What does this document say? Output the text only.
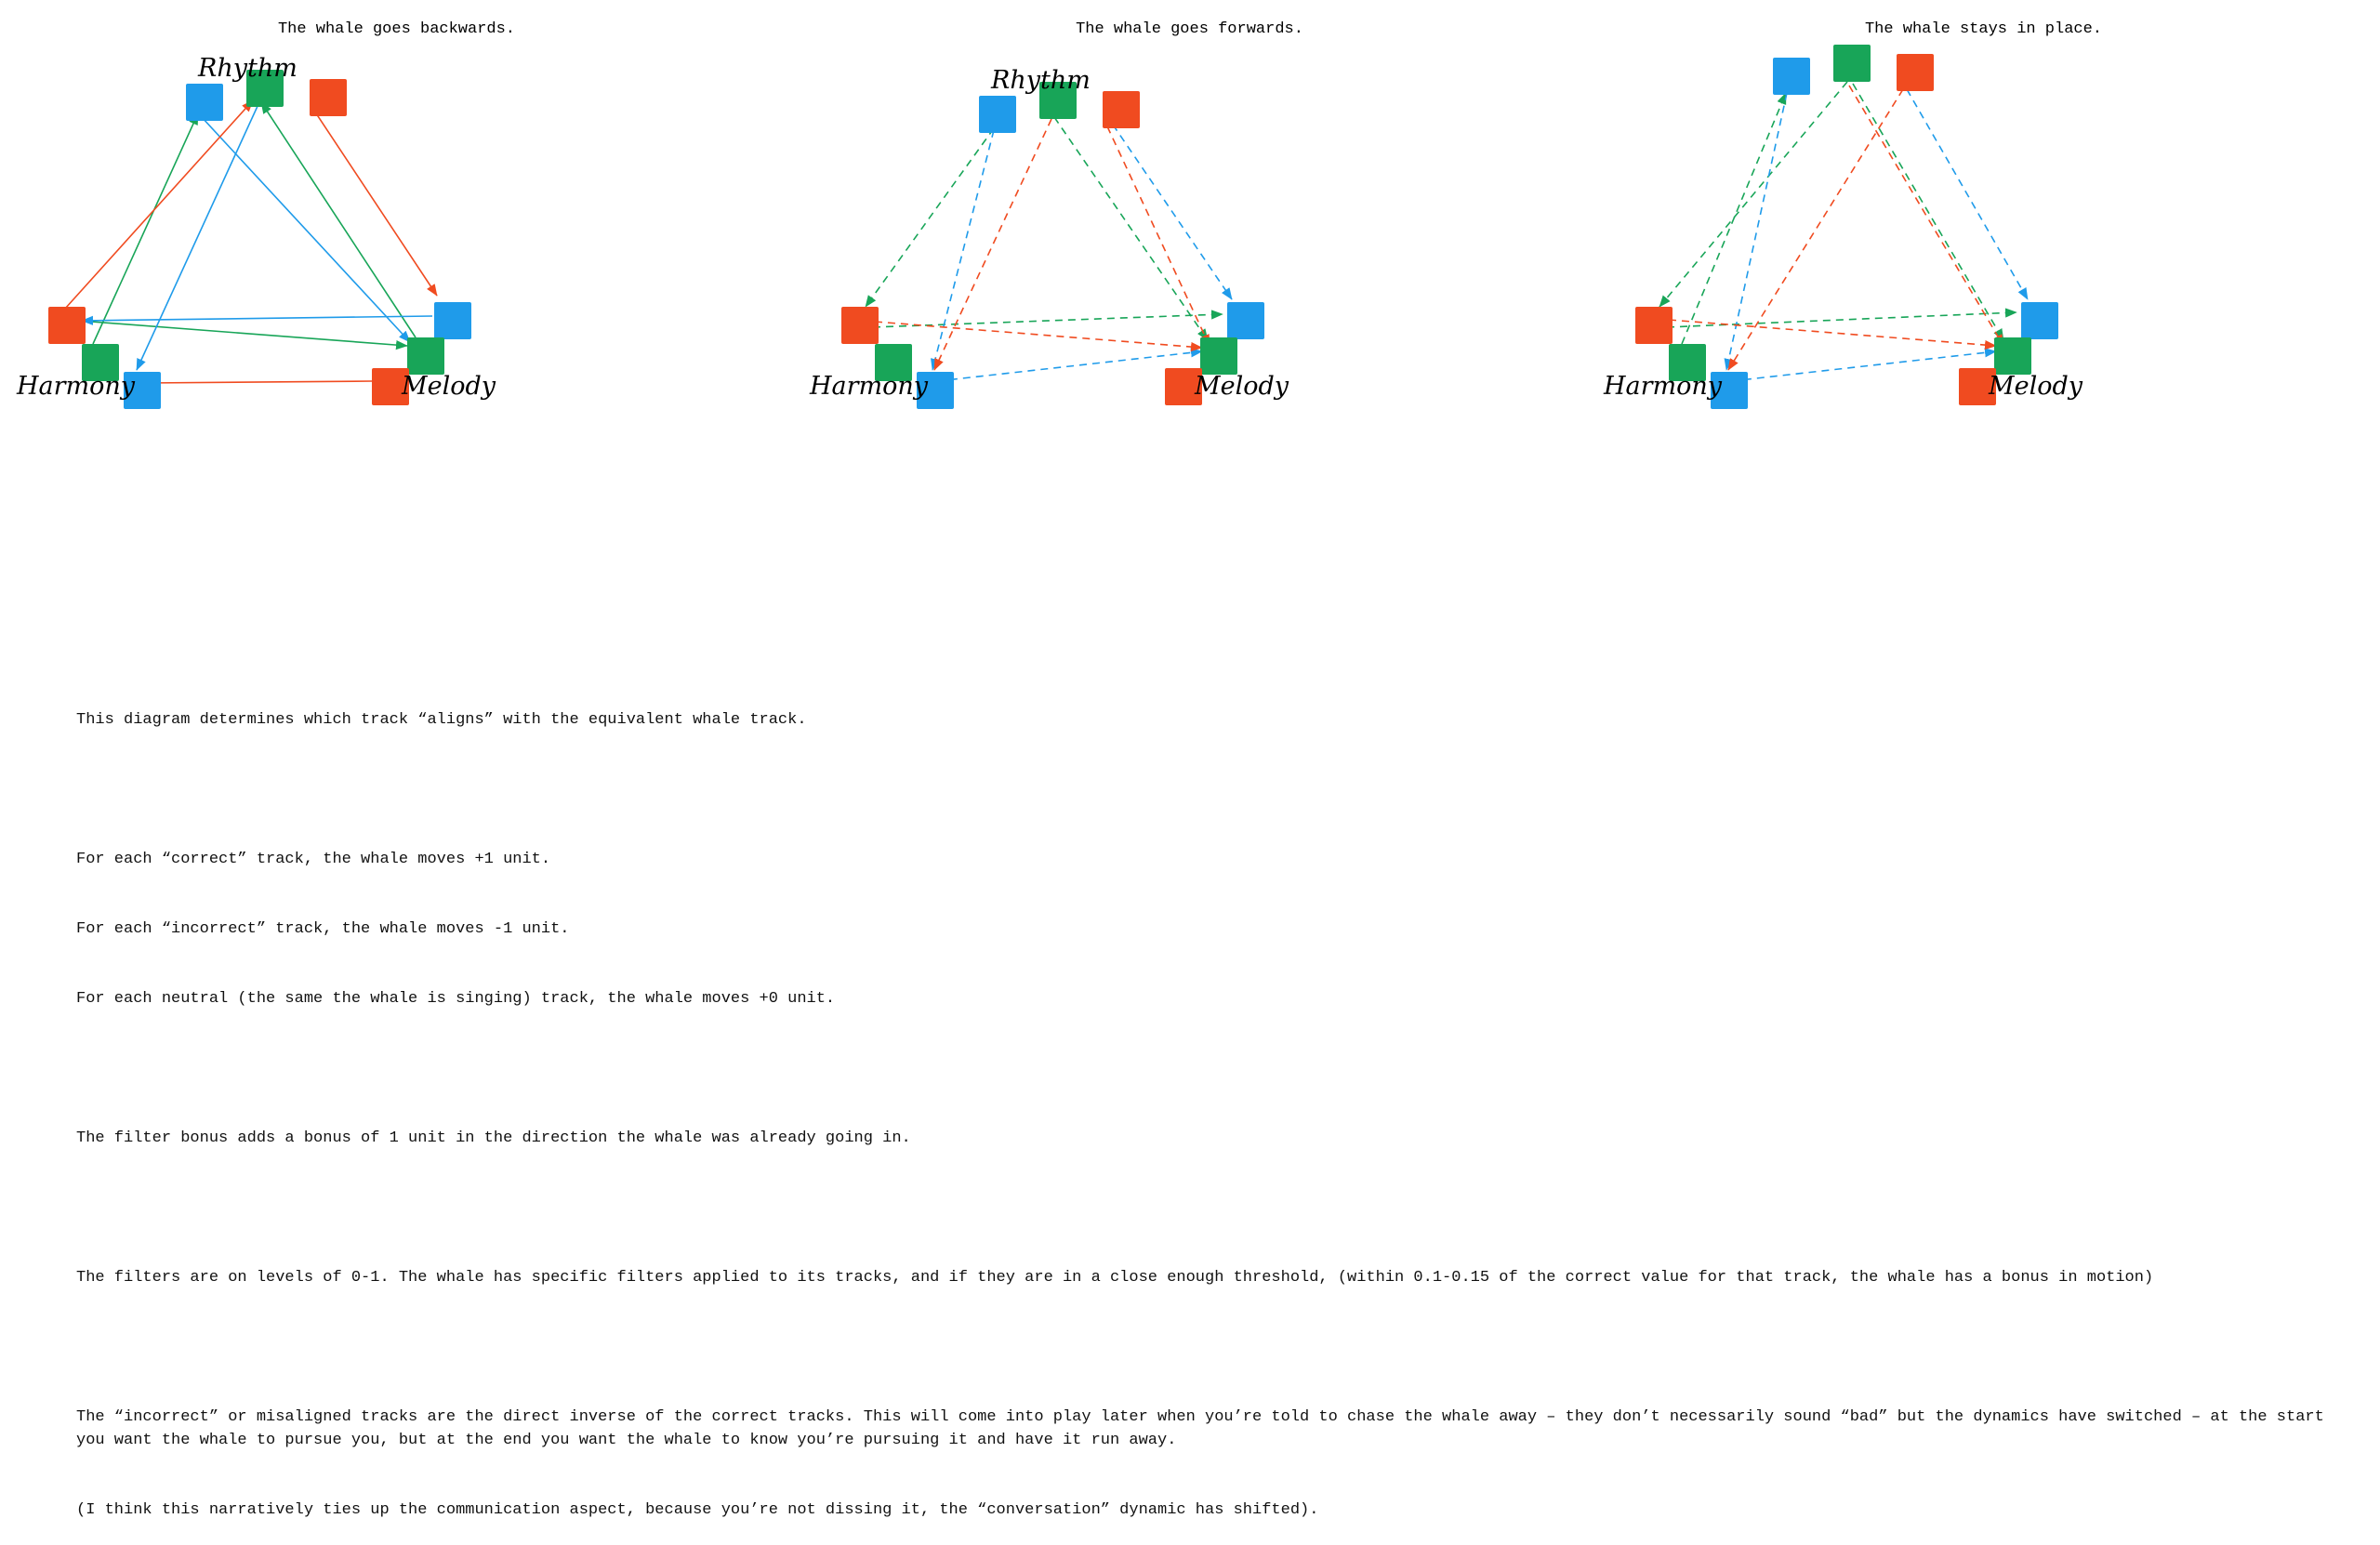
The whale goes backwards.
Rhythm
Harmony	Melody
The whale goes forwards.
Rhythm
Harmony	Melody
The whale stays in place.
Harmony	Melody

This diagram determines which track “aligns” with the equivalent whale track.

For each “correct” track, the whale moves +1 unit.

For each “incorrect” track, the whale moves -1 unit.

For each neutral (the same the whale is singing) track, the whale moves +0 unit.

The filter bonus adds a bonus of 1 unit in the direction the whale was already going in.

The filters are on levels of 0-1. The whale has specific filters applied to its tracks, and if they are in a close enough threshold, (within 0.1-0.15 of the correct value for that track, the whale has a bonus in motion)

The “incorrect” or misaligned tracks are the direct inverse of the correct tracks. This will come into play later when you’re told to chase the whale away – they don’t necessarily sound “bad” but the dynamics have switched – at the start you want the whale to pursue you, but at the end you want the whale to know you’re pursuing it and have it run away.

(I think this narratively ties up the communication aspect, because you’re not dissing it, the “conversation” dynamic has shifted).
